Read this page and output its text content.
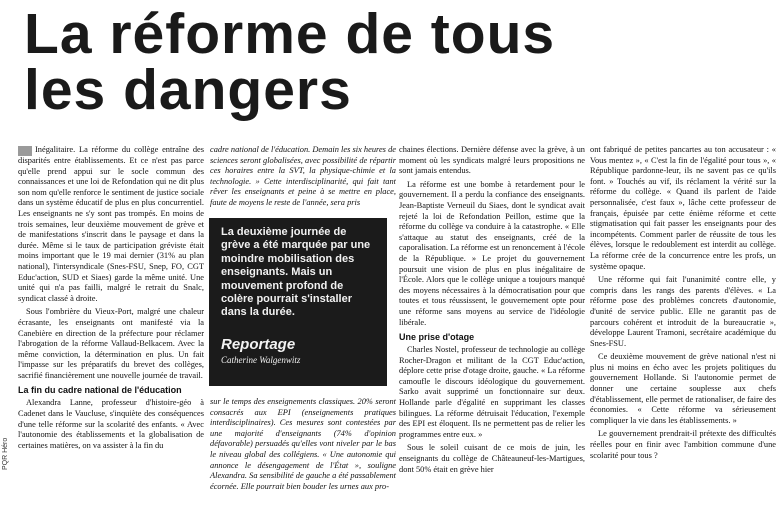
La réforme de tous
les dangers
PQR Héro

Inégalitaire. La réforme du collège entraîne des disparités entre établissements. Et ce n'est pas parce qu'elle prend appui sur le socle commun des connaissances et une loi de Refondation qui ne dit plus son nom qu'elle renforce le sentiment de justice sociale dans un système éducatif de plus en plus concurrentiel. Les enseignants ne s'y sont pas trompés. En moins de trois semaines, leur deuxième mouvement de grève et de manifestations s'inscrit dans le paysage et dans la durée. Même si le taux de participation gréviste était moins important que le 19 mai dernier (31% au plan national), l'intersyndicale (Snes-FSU, Snep, FO, CGT Educ'action, SUD et Siaes) garde la même unité. Une unité qui n'a pas failli, malgré le retrait du Snalc, syndicat classé à droite.

Sous l'ombrière du Vieux-Port, malgré une chaleur écrasante, les enseignants ont manifesté via la Canebière en direction de la préfecture pour réclamer l'abrogation de la réforme Vallaud-Belkacem. Avec la même conviction, la détermination en plus. Un fait l'impasse sur les préparatifs du brevet des collèges, sacrifié financièrement une nouvelle journée de travail.

La fin du cadre national de l'éducation

Alexandra Lanne, professeur d'histoire-géo à Cadenet dans le Vaucluse, s'inquiète des conséquences d'une telle réforme sur la scolarité des enfants. « Avec l'autonomie des établissements et la globalisation de certaines matières, on va assister à la fin du

cadre national de l'éducation. Demain les six heures de sciences seront globalisées, avec possibilité de répartir ces horaires entre la SVT, la physique-chimie et la technologie. » Cette interdisciplinarité, qui fait tant rêver les enseignants et peine à se mettre en place, faute de moyens le reste de l'année, sera pris

sur le temps des enseignements classiques. 20% seront consacrés aux EPI (enseignements pratiques interdisciplinaires). Ces mesures sont contestées par une majorité d'enseignants (74% d'opinion défavorable) persuadés qu'elles vont niveler par le bas le niveau global des collégiens. « Une autonomie qui annonce le désengagement de l'État », souligne Alexandra. Sa sensibilité de gauche a été passablement écornée. Elle pourrait bien bouder les urnes aux pro-

La deuxième journée de grève a été marquée par une moindre mobilisation des enseignants. Mais un mouvement profond de colère pourrait s'installer dans la durée.

Reportage

Catherine Walgenwitz

chaines élections. Dernière défense avec la grève, à un moment où les syndicats malgré leurs propositions ne sont jamais entendus.

La réforme est une bombe à retardement pour le gouvernement. Il a perdu la confiance des enseignants. Jean-Baptiste Verneuil du Siaes, dont le syndicat avait rejeté la loi de Refondation Peillon, estime que la réforme du collège va conduire à la catastrophe. « Elle s'attaque au statut des enseignants, créé de la caporalisation. La réforme est un renoncement à l'école de la République. » Le projet du gouvernement poursuit une vision de plus en plus inégalitaire de l'École. Alors que le collège unique a toujours manqué des moyens nécessaires à la démocratisation pour que toutes et tous réussissent, le gouvernement opte pour une réforme sans moyens au service de l'idéologie libérale.

Une prise d'otage

Charles Nostel, professeur de technologie au collège Rocher-Dragon et militant de la CGT Educ'action, déplore cette prise d'otage droite, gauche. « La réforme camoufle le discours idéologique du gouvernement. Sarko avait supprimé un fonctionnaire sur deux. Hollande parle d'égalité en supprimant les classes bilingues. La réforme détruisait l'éducation, l'exemple des EPI est éloquent. Ils ne permettent pas de relier les programmes entre eux. »

Sous le soleil cuisant de ce mois de juin, les enseignants du collège de Châteauneuf-les-Martigues, dont 50% était en grève hier

ont fabriqué de petites pancartes au ton accusateur : « Vous mentez », « C'est la fin de l'égalité pour tous », « République pardonne-leur, ils ne savent pas ce qu'ils font. » Touchés au vif, ils réclament la vérité sur la réforme du collège. « Quand ils parlent de l'aide personnalisée, c'est faux », lâche cette professeur de français, épuisée par cette énième réforme et cette stigmatisation qui fait passer les enseignants pour des incompétents. Comment parler de réussite de tous les élèves, lorsque le redoublement est interdit au collège. La réforme crée de la concurrence entre les profs, un système opaque.

Une réforme qui fait l'unanimité contre elle, y compris dans les rangs des parents d'élèves. « La réforme pose des problèmes concrets d'autonomie, d'unité de service public. Elle ne garantit pas de parcours cohérent et introduit de la bureaucratie », développe Laurent Tramoni, secrétaire académique du Snes-FSU.

Ce deuxième mouvement de grève national n'est ni plus ni moins en écho avec les projets politiques du gouvernement Hollande. Si l'autonomie permet de donner une certaine souplesse aux chefs d'établissement, elle permet de rationaliser, de faire des économies. « Cette réforme va sérieusement compliquer la vie dans les établissements. »

Le gouvernement prendrait-il prétexte des difficultés réelles pour en finir avec l'ambition commune d'une scolarité pour tous ?
